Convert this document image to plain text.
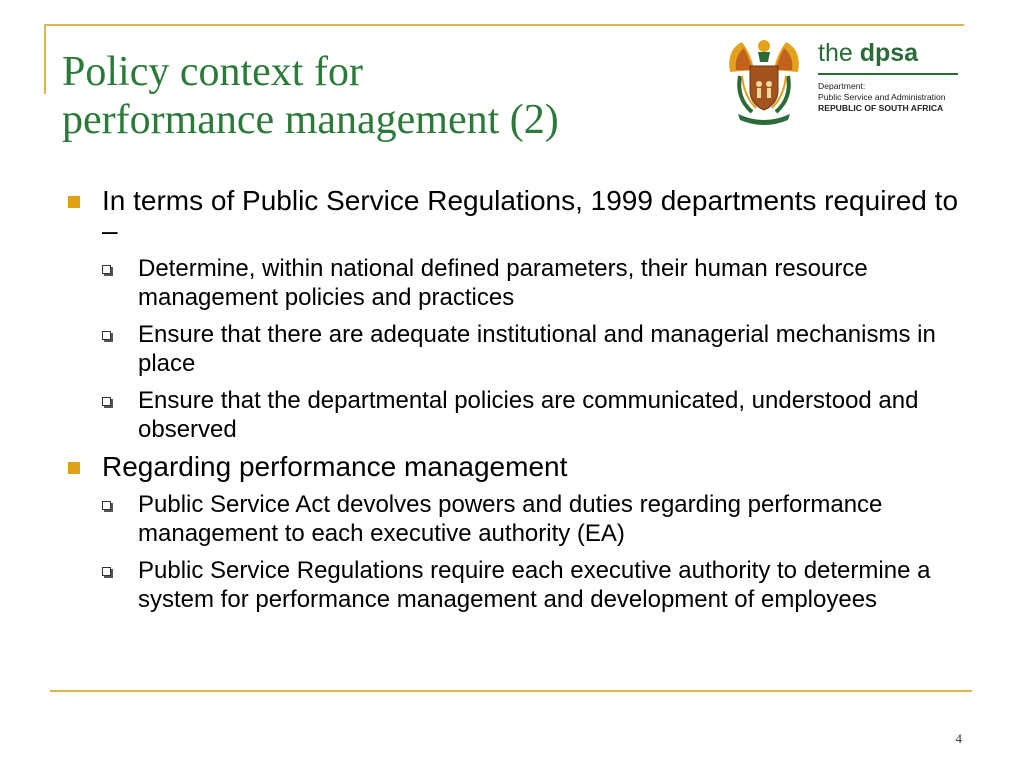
Policy context for
performance management (2)
the dpsa
Department:
Public Service and Administration
REPUBLIC OF SOUTH AFRICA
In terms of Public Service Regulations, 1999 departments required to –
Determine, within national defined parameters, their human resource management policies and practices
Ensure that there are adequate institutional and managerial mechanisms in place
Ensure that the departmental policies are communicated, understood and observed
Regarding performance management
Public Service Act devolves powers and duties regarding performance management to each executive authority (EA)
Public Service Regulations require each executive authority to determine a system for performance management and development of employees
4
